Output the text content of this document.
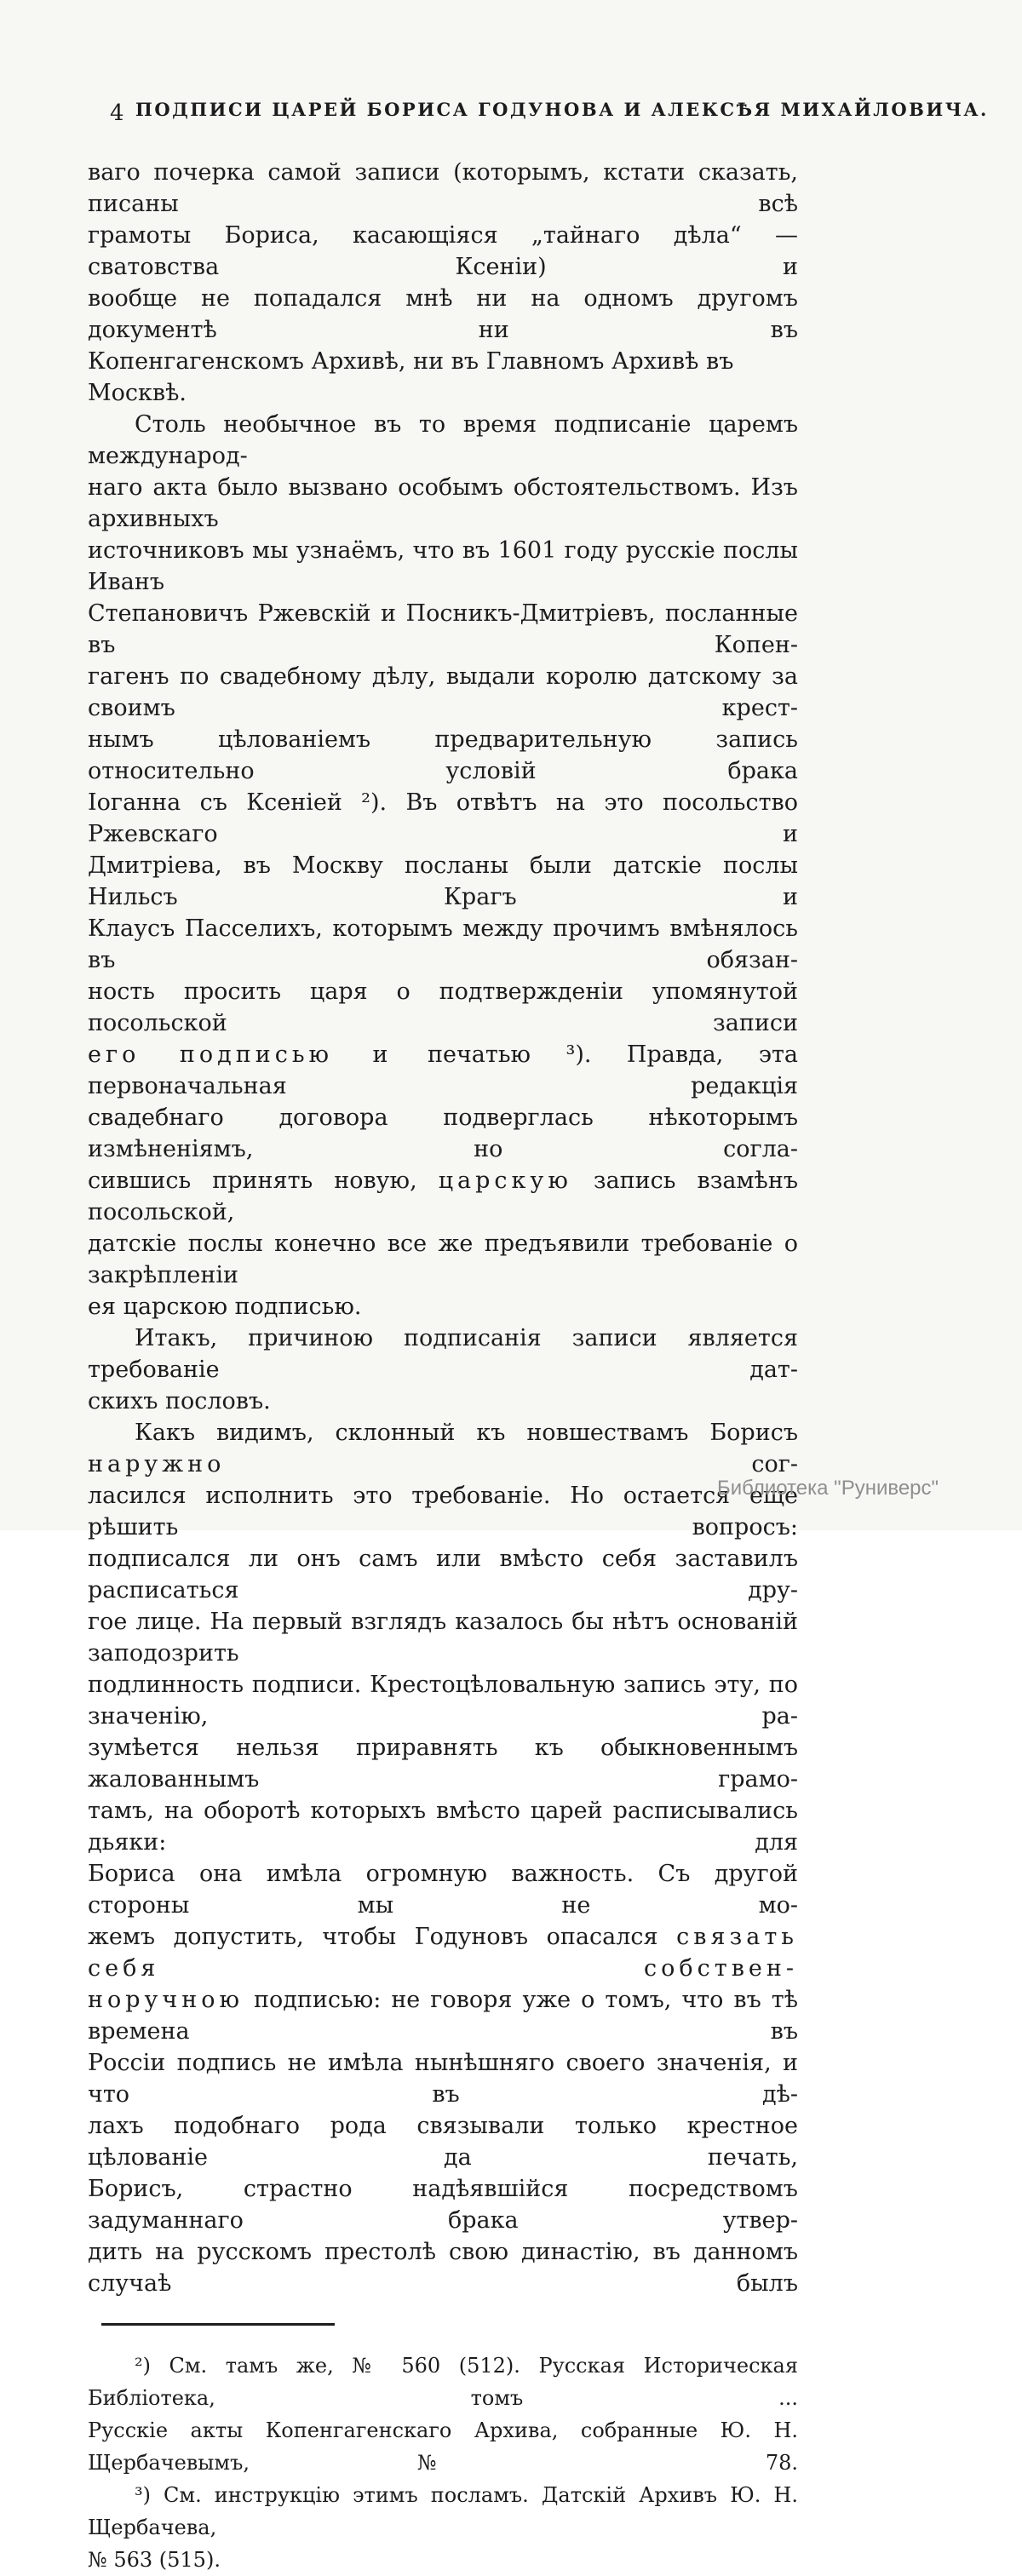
4 ПОДПИСИ ЦАРЕЙ БОРИСА ГОДУНОВА И АЛЕКСѢЯ МИХАЙЛОВИЧА.
ваго почерка самой записи (которымъ, кстати сказать, писаны всѣ
грамоты Бориса, касающіяся „тайнаго дѣла“ — сватовства Ксеніи) и
вообще не попадался мнѣ ни на одномъ другомъ документѣ ни въ
Копенгагенскомъ Архивѣ, ни въ Главномъ Архивѣ въ Москвѣ.
Столь необычное въ то время подписаніе царемъ международ-
наго акта было вызвано особымъ обстоятельствомъ. Изъ архивныхъ
источниковъ мы узнаёмъ, что въ 1601 году русскіе послы Иванъ
Степановичъ Ржевскій и Посникъ-Дмитріевъ, посланные въ Копен-
гагенъ по свадебному дѣлу, выдали королю датскому за своимъ крест-
нымъ цѣлованіемъ предварительную запись относительно условій брака
Іоганна съ Ксеніей ²). Въ отвѣтъ на это посольство Ржевскаго и
Дмитріева, въ Москву посланы были датскіе послы Нильсъ Крагъ и
Клаусъ Пасселихъ, которымъ между прочимъ вмѣнялось въ обязан-
ность просить царя о подтвержденіи упомянутой посольской записи
его подписью и печатью ³). Правда, эта первоначальная редакція
свадебнаго договора подверглась нѣкоторымъ измѣненіямъ, но согла-
сившись принять новую, царскую запись взамѣнъ посольской,
датскіе послы конечно все же предъявили требованіе о закрѣпленіи
ея царскою подписью.
Итакъ, причиною подписанія записи является требованіе дат-
скихъ пословъ.
Какъ видимъ, склонный къ новшествамъ Борисъ наружно сог-
ласился исполнить это требованіе. Но остается еще рѣшить вопросъ:
подписался ли онъ самъ или вмѣсто себя заставилъ расписаться дру-
гое лице. На первый взглядъ казалось бы нѣтъ основаній заподозрить
подлинность подписи. Крестоцѣловальную запись эту, по значенію, ра-
зумѣется нельзя приравнять къ обыкновеннымъ жалованнымъ грамо-
тамъ, на оборотѣ которыхъ вмѣсто царей расписывались дьяки: для
Бориса она имѣла огромную важность. Съ другой стороны мы не мо-
жемъ допустить, чтобы Годуновъ опасался связать себя собствен-
норучною подписью: не говоря уже о томъ, что въ тѣ времена въ
Россіи подпись не имѣла нынѣшняго своего значенія, и что въ дѣ-
лахъ подобнаго рода связывали только крестное цѣлованіе да печать,
Борисъ, страстно надѣявшійся посредствомъ задуманнаго брака утвер-
дить на русскомъ престолѣ свою династію, въ данномъ случаѣ былъ
²) См. тамъ же, № 560 (512). Русская Историческая Библіотека, томъ ...
Русскіе акты Копенгагенскаго Архива, собранные Ю. Н. Щербачевымъ, № 78.
³) См. инструкцію этимъ посламъ. Датскій Архивъ Ю. Н. Щербачева,
№ 563 (515).
Библиотека "Руниверс"
